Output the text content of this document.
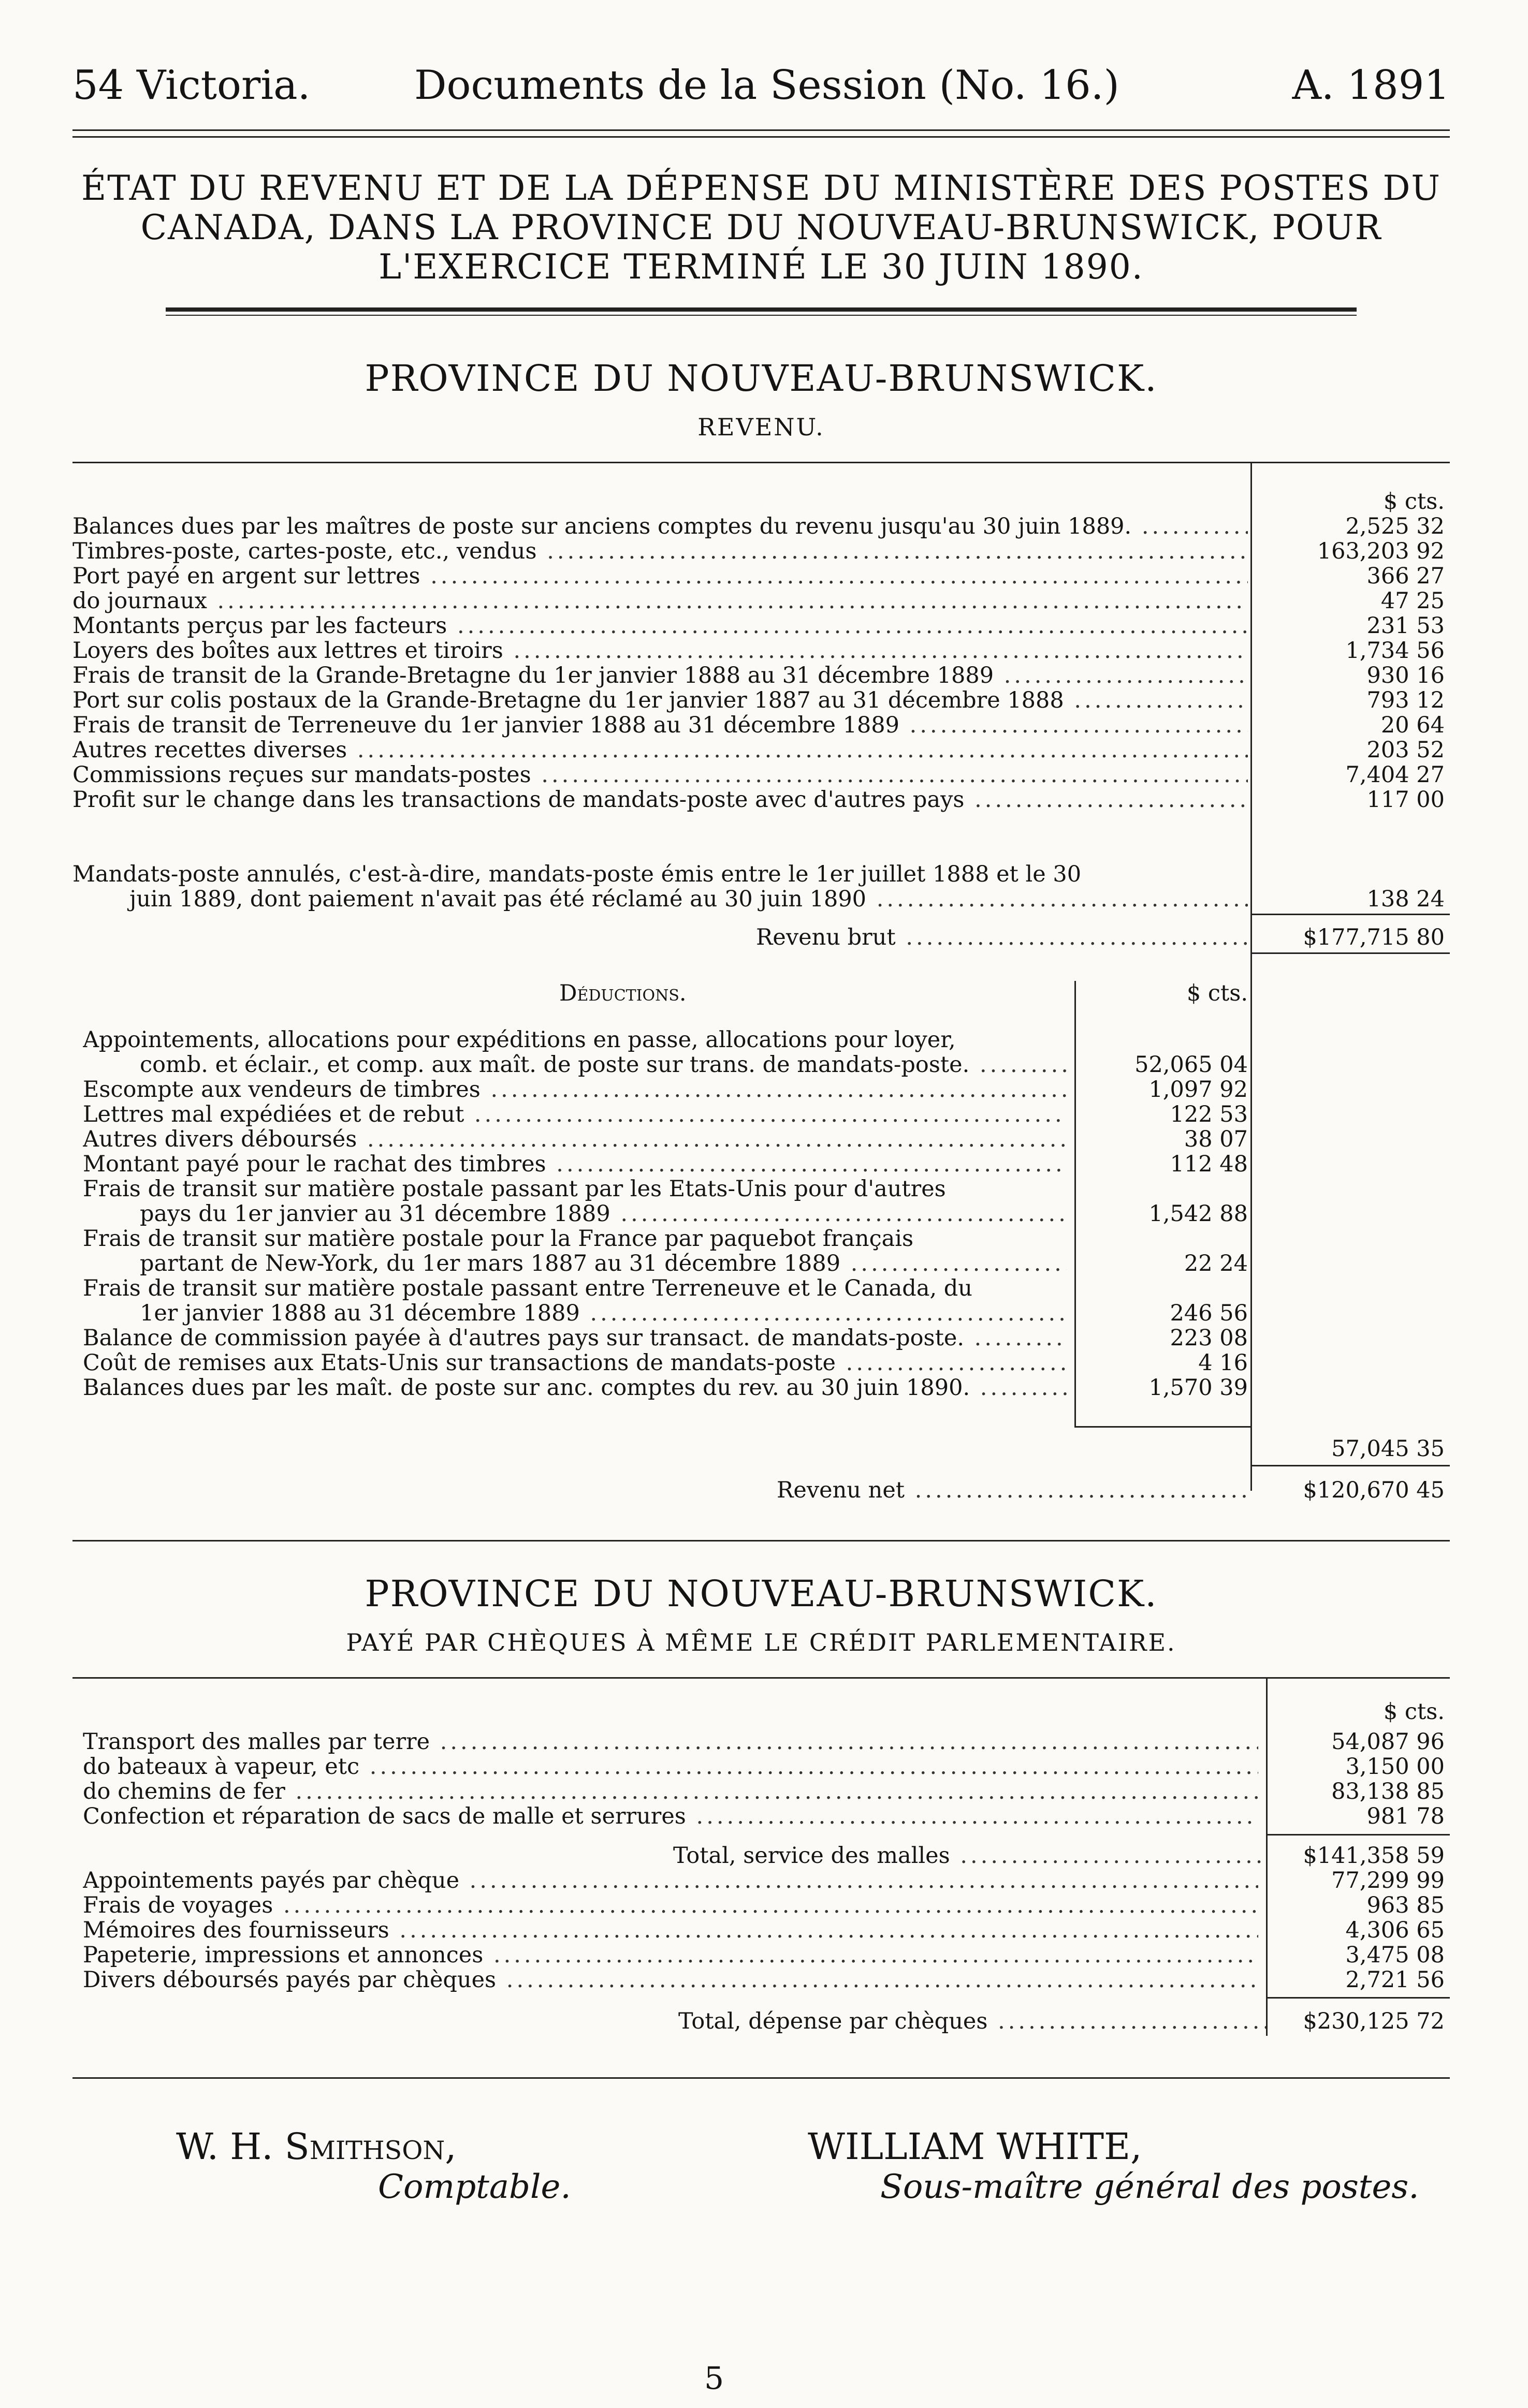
54 Victoria.	Documents de la Session (No. 16.)	A. 1891
ÉTAT DU REVENU ET DE LA DÉPENSE DU MINISTÈRE DES POSTES DU
CANADA, DANS LA PROVINCE DU NOUVEAU-BRUNSWICK, POUR
L'EXERCICE TERMINÉ LE 30 JUIN 1890.
PROVINCE DU NOUVEAU-BRUNSWICK.
REVENU.
$ cts.
Balances dues par les maîtres de poste sur anciens comptes du revenu jusqu'au 30 juin 1889. .....	2,525 32
Timbres-poste, cartes-poste, etc., vendus .....	163,203 92
Port payé en argent sur lettres .....	366 27
do journaux .....	47 25
Montants perçus par les facteurs .....	231 53
Loyers des boîtes aux lettres et tiroirs .....	1,734 56
Frais de transit de la Grande-Bretagne du 1er janvier 1888 au 31 décembre 1889 .....	930 16
Port sur colis postaux de la Grande-Bretagne du 1er janvier 1887 au 31 décembre 1888 .....	793 12
Frais de transit de Terreneuve du 1er janvier 1888 au 31 décembre 1889 .....	20 64
Autres recettes diverses .....	203 52
Commissions reçues sur mandats-postes .....	7,404 27
Profit sur le change dans les transactions de mandats-poste avec d'autres pays .....	117 00
Mandats-poste annulés, c'est-à-dire, mandats-poste émis entre le 1er juillet 1888 et le 30
juin 1889, dont paiement n'avait pas été réclamé au 30 juin 1890 .....	138 24
Revenu brut .....	$177,715 80
Déductions.	$ cts.
Appointements, allocations pour expéditions en passe, allocations pour loyer,
comb. et éclair., et comp. aux maît. de poste sur trans. de mandats-poste. .....	52,065 04
Escompte aux vendeurs de timbres .....	1,097 92
Lettres mal expédiées et de rebut .....	122 53
Autres divers déboursés .....	38 07
Montant payé pour le rachat des timbres .....	112 48
Frais de transit sur matière postale passant par les Etats-Unis pour d'autres
pays du 1er janvier au 31 décembre 1889 .....	1,542 88
Frais de transit sur matière postale pour la France par paquebot français
partant de New-York, du 1er mars 1887 au 31 décembre 1889 .....	22 24
Frais de transit sur matière postale passant entre Terreneuve et le Canada, du
1er janvier 1888 au 31 décembre 1889 .....	246 56
Balance de commission payée à d'autres pays sur transact. de mandats-poste. .....	223 08
Coût de remises aux Etats-Unis sur transactions de mandats-poste .....	4 16
Balances dues par les maît. de poste sur anc. comptes du rev. au 30 juin 1890. .....	1,570 39
57,045 35
Revenu net .....	$120,670 45
PROVINCE DU NOUVEAU-BRUNSWICK.
PAYÉ PAR CHÈQUES À MÊME LE CRÉDIT PARLEMENTAIRE.
$ cts.
Transport des malles par terre .....	54,087 96
do bateaux à vapeur, etc .....	3,150 00
do chemins de fer .....	83,138 85
Confection et réparation de sacs de malle et serrures .....	981 78
Total, service des malles .....	$141,358 59
Appointements payés par chèque .....	77,299 99
Frais de voyages .....	963 85
Mémoires des fournisseurs .....	4,306 65
Papeterie, impressions et annonces .....	3,475 08
Divers déboursés payés par chèques .....	2,721 56
Total, dépense par chèques .....	$230,125 72
W. H. Smithson,
Comptable.
WILLIAM WHITE,
Sous-maître général des postes.
5
